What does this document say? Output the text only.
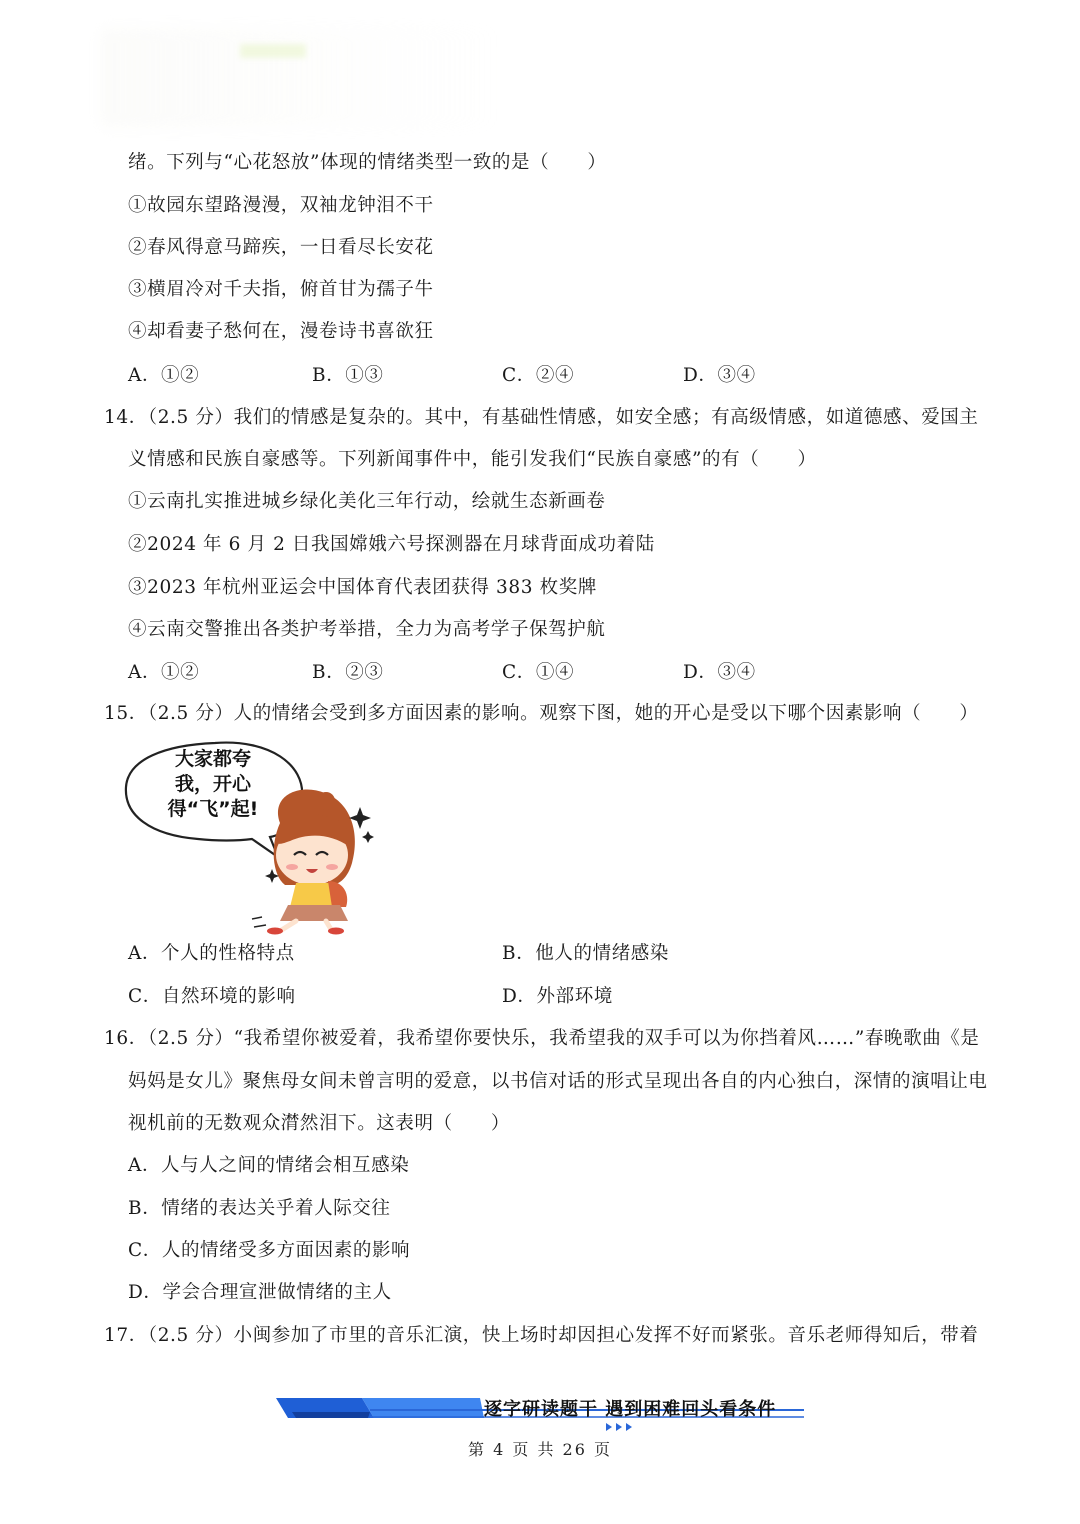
绪。下列与“心花怒放”体现的情绪类型一致的是（　　）
①故园东望路漫漫，双袖龙钟泪不干
②春风得意马蹄疾，一日看尽长安花
③横眉冷对千夫指，俯首甘为孺子牛
④却看妻子愁何在，漫卷诗书喜欲狂
A．①②	B．①③	C．②④	D．③④
14．（2.5 分）我们的情感是复杂的。其中，有基础性情感，如安全感；有高级情感，如道德感、爱国主
义情感和民族自豪感等。下列新闻事件中，能引发我们“民族自豪感”的有（　　）
①云南扎实推进城乡绿化美化三年行动，绘就生态新画卷
②2024 年 6 月 2 日我国嫦娥六号探测器在月球背面成功着陆
③2023 年杭州亚运会中国体育代表团获得 383 枚奖牌
④云南交警推出各类护考举措，全力为高考学子保驾护航
A．①②	B．②③	C．①④	D．③④
15．（2.5 分）人的情绪会受到多方面因素的影响。观察下图，她的开心是受以下哪个因素影响（　　）
大家都夸
我，开心
得“飞”起!
A．个人的性格特点	B．他人的情绪感染
C．自然环境的影响	D．外部环境
16．（2.5 分）“我希望你被爱着，我希望你要快乐，我希望我的双手可以为你挡着风……”春晚歌曲《是
妈妈是女儿》聚焦母女间未曾言明的爱意，以书信对话的形式呈现出各自的内心独白，深情的演唱让电
视机前的无数观众潸然泪下。这表明（　　）
A．人与人之间的情绪会相互感染
B．情绪的表达关乎着人际交往
C．人的情绪受多方面因素的影响
D．学会合理宣泄做情绪的主人
17．（2.5 分）小闽参加了市里的音乐汇演，快上场时却因担心发挥不好而紧张。音乐老师得知后，带着
逐字研读题干 遇到困难回头看条件
第 4 页 共 26 页
